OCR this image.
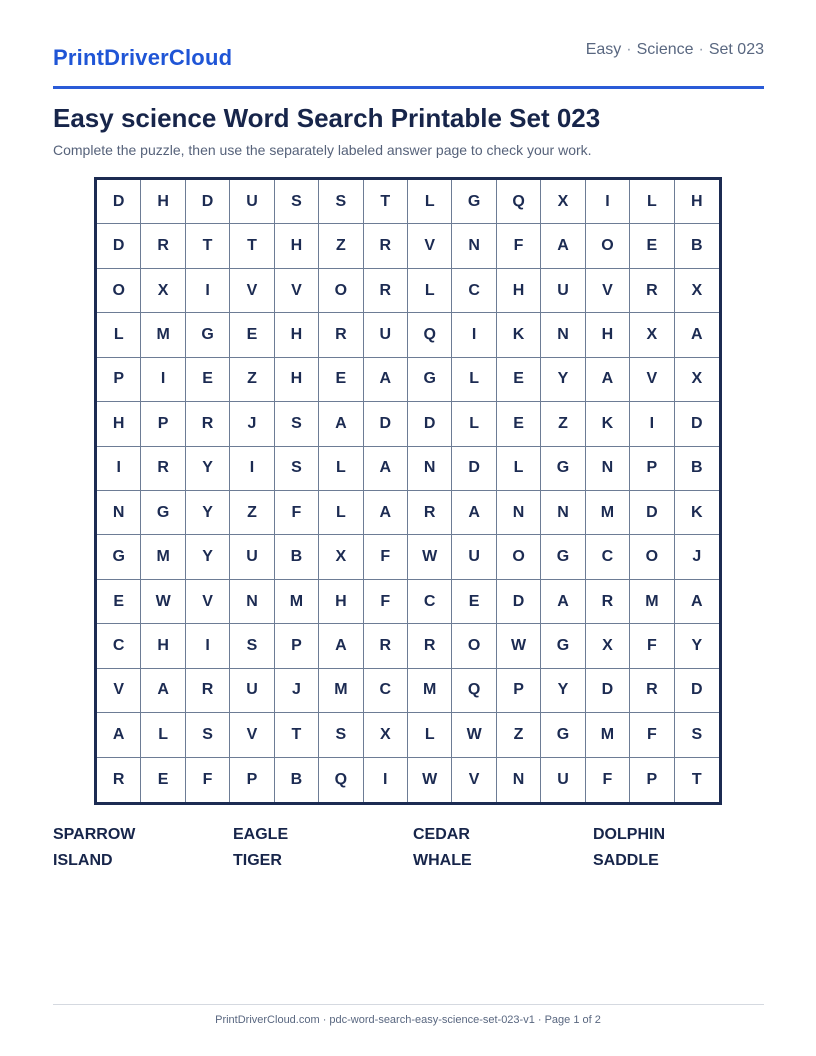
PrintDriverCloud	Easy · Science · Set 023
Easy science Word Search Printable Set 023

Complete the puzzle, then use the separately labeled answer page to check your work.

D	H	D	U	S	S	T	L	G	Q	X	I	L	H
D	R	T	T	H	Z	R	V	N	F	A	O	E	B
O	X	I	V	V	O	R	L	C	H	U	V	R	X
L	M	G	E	H	R	U	Q	I	K	N	H	X	A
P	I	E	Z	H	E	A	G	L	E	Y	A	V	X
H	P	R	J	S	A	D	D	L	E	Z	K	I	D
I	R	Y	I	S	L	A	N	D	L	G	N	P	B
N	G	Y	Z	F	L	A	R	A	N	N	M	D	K
G	M	Y	U	B	X	F	W	U	O	G	C	O	J
E	W	V	N	M	H	F	C	E	D	A	R	M	A
C	H	I	S	P	A	R	R	O	W	G	X	F	Y
V	A	R	U	J	M	C	M	Q	P	Y	D	R	D
A	L	S	V	T	S	X	L	W	Z	G	M	F	S
R	E	F	P	B	Q	I	W	V	N	U	F	P	T
SPARROW	EAGLE	CEDAR	DOLPHIN
ISLAND	TIGER	WHALE	SADDLE
PrintDriverCloud.com · pdc-word-search-easy-science-set-023-v1 · Page 1 of 2
